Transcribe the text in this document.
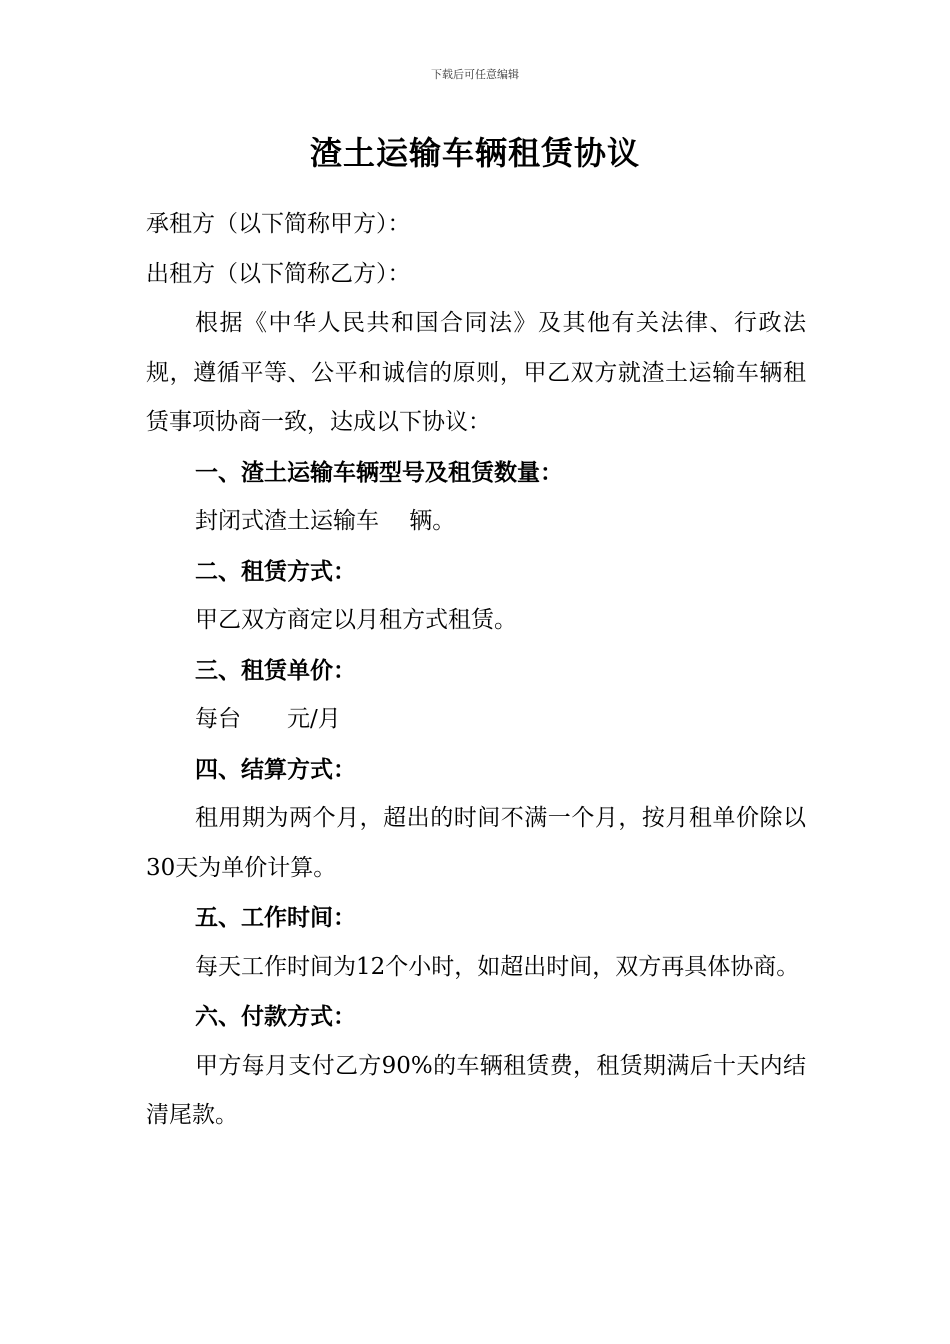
下载后可任意编辑
渣土运输车辆租赁协议

承租方（以下简称甲方）：

出租方（以下简称乙方）：

根据《中华人民共和国合同法》及其他有关法律、行政法规，遵循平等、公平和诚信的原则，甲乙双方就渣土运输车辆租赁事项协商一致，达成以下协议：

一、渣土运输车辆型号及租赁数量：

封闭式渣土运输车　 辆。

二、租赁方式：

甲乙双方商定以月租方式租赁。

三、租赁单价：

每台　　元/月

四、结算方式：

租用期为两个月，超出的时间不满一个月，按月租单价除以30天为单价计算。

五、工作时间：

每天工作时间为12个小时，如超出时间，双方再具体协商。

六、付款方式：

甲方每月支付乙方90%的车辆租赁费，租赁期满后十天内结清尾款。
